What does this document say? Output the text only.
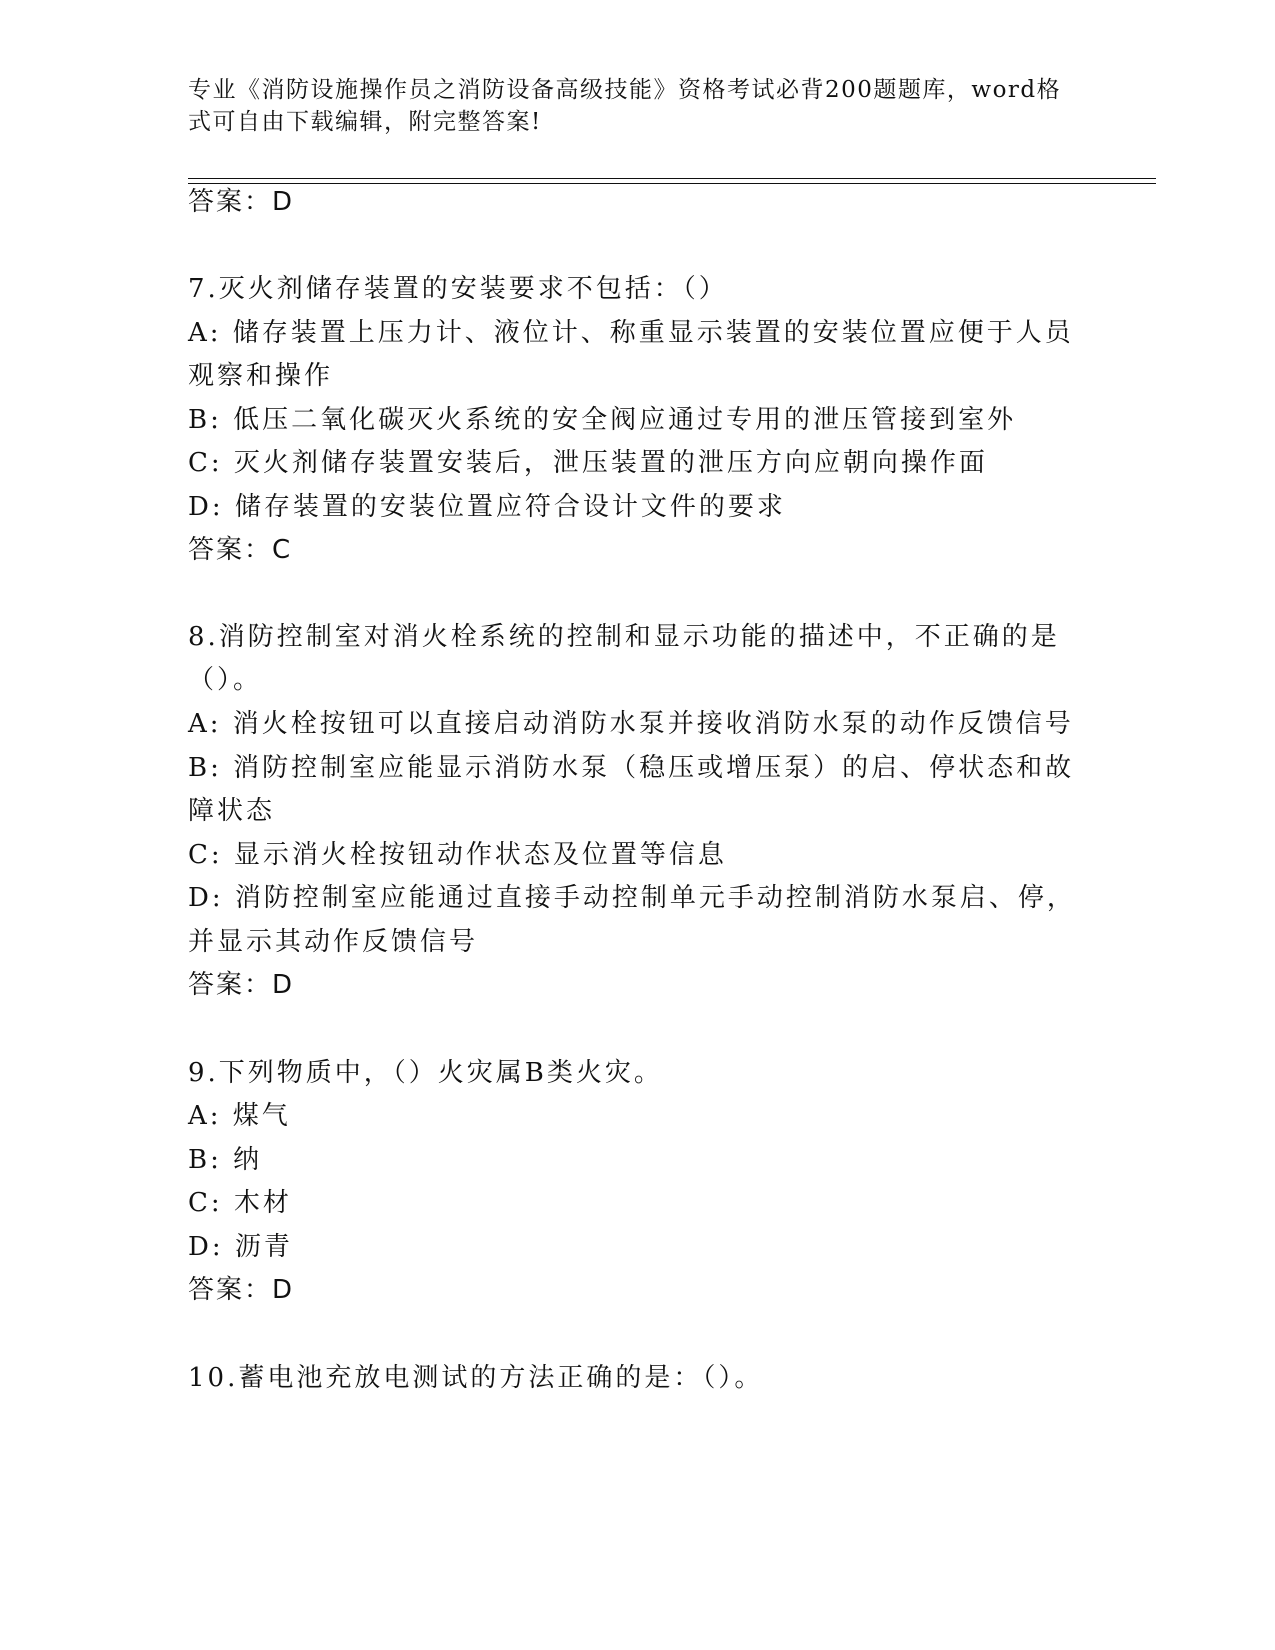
专业《消防设施操作员之消防设备高级技能》资格考试必背200题题库，word格
式可自由下载编辑，附完整答案!
答案：D
7.灭火剂储存装置的安装要求不包括：（）
A: 储存装置上压力计、液位计、称重显示装置的安装位置应便于人员
观察和操作
B: 低压二氧化碳灭火系统的安全阀应通过专用的泄压管接到室外
C: 灭火剂储存装置安装后，泄压装置的泄压方向应朝向操作面
D: 储存装置的安装位置应符合设计文件的要求
答案：C
8.消防控制室对消火栓系统的控制和显示功能的描述中，不正确的是
（）。
A: 消火栓按钮可以直接启动消防水泵并接收消防水泵的动作反馈信号
B: 消防控制室应能显示消防水泵（稳压或增压泵）的启、停状态和故
障状态
C: 显示消火栓按钮动作状态及位置等信息
D: 消防控制室应能通过直接手动控制单元手动控制消防水泵启、停，
并显示其动作反馈信号
答案：D
9.下列物质中，（）火灾属B类火灾。
A: 煤气
B: 纳
C: 木材
D: 沥青
答案：D
10.蓄电池充放电测试的方法正确的是：（）。
